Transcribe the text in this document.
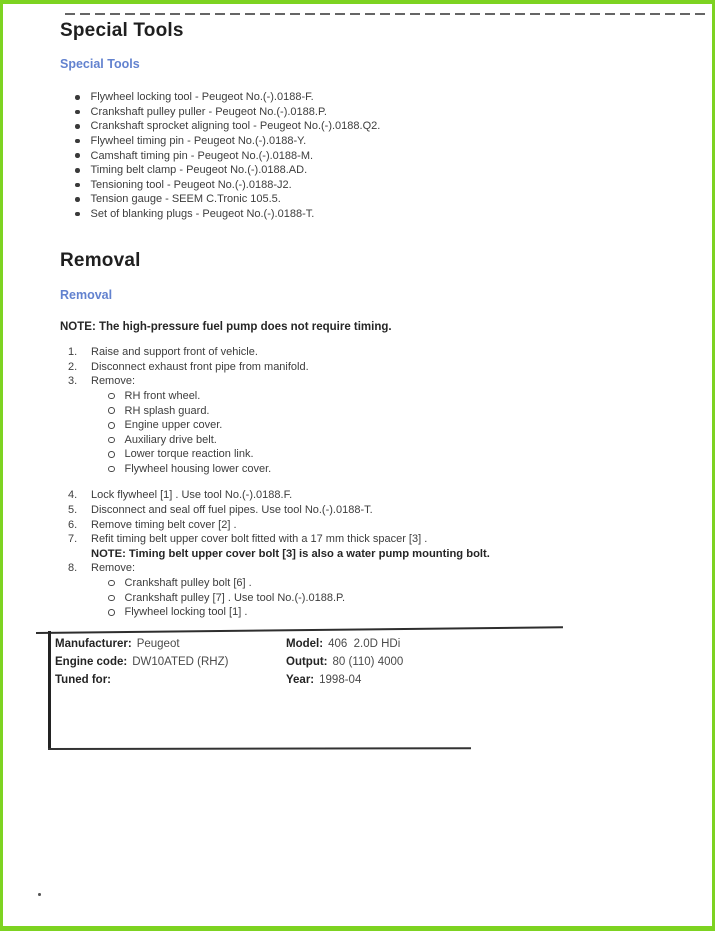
Special Tools
Special Tools
Flywheel locking tool - Peugeot No.(-).0188-F.
Crankshaft pulley puller - Peugeot No.(-).0188.P.
Crankshaft sprocket aligning tool - Peugeot No.(-).0188.Q2.
Flywheel timing pin - Peugeot No.(-).0188-Y.
Camshaft timing pin - Peugeot No.(-).0188-M.
Timing belt clamp - Peugeot No.(-).0188.AD.
Tensioning tool - Peugeot No.(-).0188-J2.
Tension gauge - SEEM C.Tronic 105.5.
Set of blanking plugs - Peugeot No.(-).0188-T.
Removal
Removal
NOTE: The high-pressure fuel pump does not require timing.
1.	Raise and support front of vehicle.
2.	Disconnect exhaust front pipe from manifold.
3.	Remove:
RH front wheel.
RH splash guard.
Engine upper cover.
Auxiliary drive belt.
Lower torque reaction link.
Flywheel housing lower cover.
4.	Lock flywheel [1] . Use tool No.(-).0188.F.
5.	Disconnect and seal off fuel pipes. Use tool No.(-).0188-T.
6.	Remove timing belt cover [2] .
7.	Refit timing belt upper cover bolt fitted with a 17 mm thick spacer [3] .
NOTE: Timing belt upper cover bolt [3] is also a water pump mounting bolt.
8.	Remove:
Crankshaft pulley bolt [6] .
Crankshaft pulley [7] . Use tool No.(-).0188.P.
Flywheel locking tool [1] .
Manufacturer: Peugeot	Model: 406  2.0D HDi
Engine code: DW10ATED (RHZ)	Output: 80 (110) 4000
Tuned for:	Year: 1998-04
